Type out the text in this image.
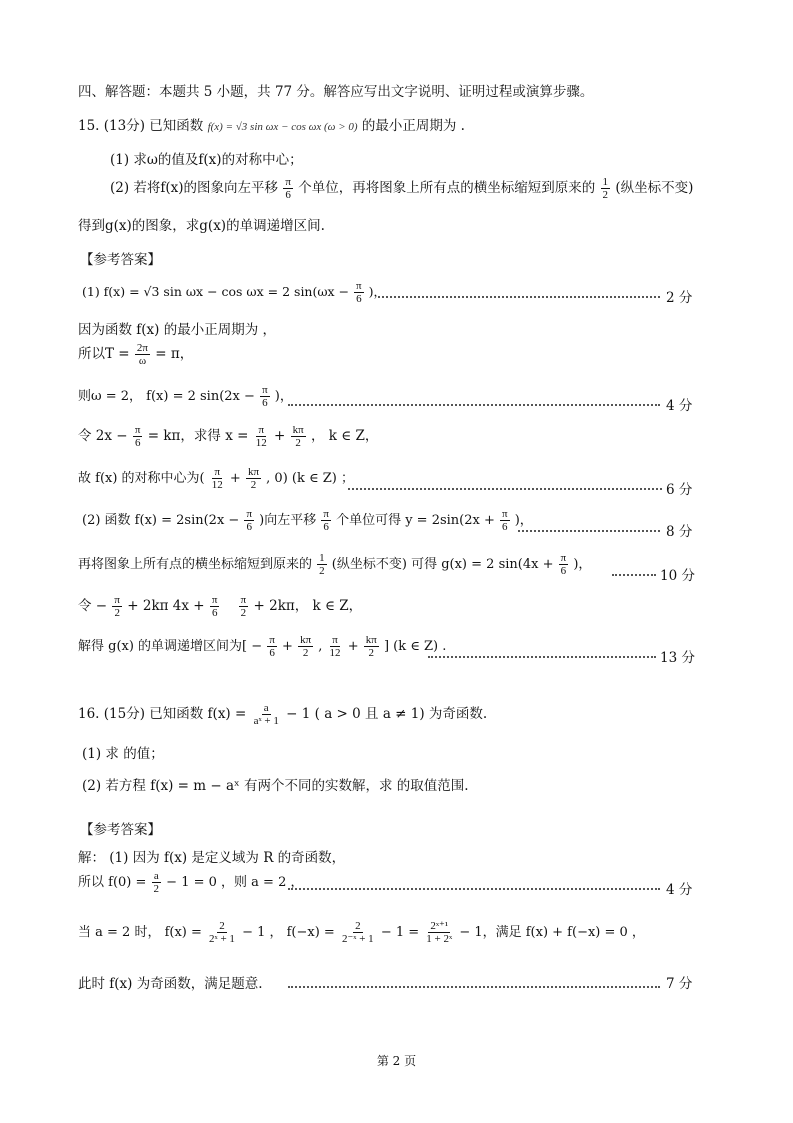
四、解答题：本题共 5 小题，共 77 分。解答应写出文字说明、证明过程或演算步骤。
15. (13分) 已知函数 f(x) = √3 sin ωx − cos ωx (ω > 0) 的最小正周期为 .
(1) 求ω的值及f(x)的对称中心；
(2) 若将f(x)的图象向左平移 $\frac{\pi}{6}$ 个单位，再将图象上所有点的横坐标缩短到原来的 $\frac{1}{2}$ (纵坐标不变)
得到g(x)的图象，求g(x)的单调递增区间.
【参考答案】
(1) f(x) = √3 sin ωx − cos ωx = 2 $\sin(\omega x - \frac{\pi}{6}$ )，	2 分
因为函数 f(x) 的最小正周期为 ，
所以$T = \frac{2\pi}{\omega} = \pi$，
则ω = 2， f(x) = 2 $\sin(2x - \frac{\pi}{6}$ )，
4 分
令 $2x - \frac{\pi}{6} = k\pi$，求得 $x = \frac{\pi}{12} + \frac{k\pi}{2}$ ， k ∈ Z，
故 f(x) 的对称中心为( $\frac{\pi}{12} + \frac{k\pi}{2}$ , 0) (k ∈ Z) ；
6 分
(2) 函数 $f(x) = 2\sin(2x - \frac{\pi}{6}$ )向左平移 $\frac{\pi}{6}$ 个单位可得 $y = 2\sin(2x + \frac{\pi}{6}$ )，
8 分
再将图象上所有点的横坐标缩短到原来的 $\frac{1}{2}$ (纵坐标不变) 可得 g(x) = 2 $\sin(4x + \frac{\pi}{6}$ )，
10 分
令 − $\frac{\pi}{2} + 2k\pi$ $4x + \frac{\pi}{6}$
$\frac{\pi}{2} + 2k\pi$， k ∈ Z，
解得 g(x) 的单调递增区间为[ − $\frac{\pi}{6} + \frac{k\pi}{2}$ , $\frac{\pi}{12} + \frac{k\pi}{2}$ ] (k ∈ Z) .
13 分
16. (15分) 已知函数 $f(x) = \frac{a}{\text{aˣ + 1}} - 1$ ( a > 0 且 a ≠ 1) 为奇函数.
(1) 求 的值；
(2) 若方程 f(x) = m − aˣ 有两个不同的实数解，求 的取值范围.
【参考答案】
解： (1) 因为 f(x) 是定义域为 R 的奇函数，
所以 $f(0) = \frac{a}{2} - 1 = 0$ ，则 a = 2 ，	4 分
当 a = 2 时， $f(x) = \frac{2}{\text{2ˣ + 1}} - 1$ ， $f(-x) = \frac{2}{\text{2⁻ˣ + 1}} - 1 = \frac{\text{2ˣ⁺¹}}{\text{1 + 2ˣ}} - 1$，满足 f(x) + f(−x) = 0 ，
此时 f(x) 为奇函数，满足题意.	7 分
第 2 页
